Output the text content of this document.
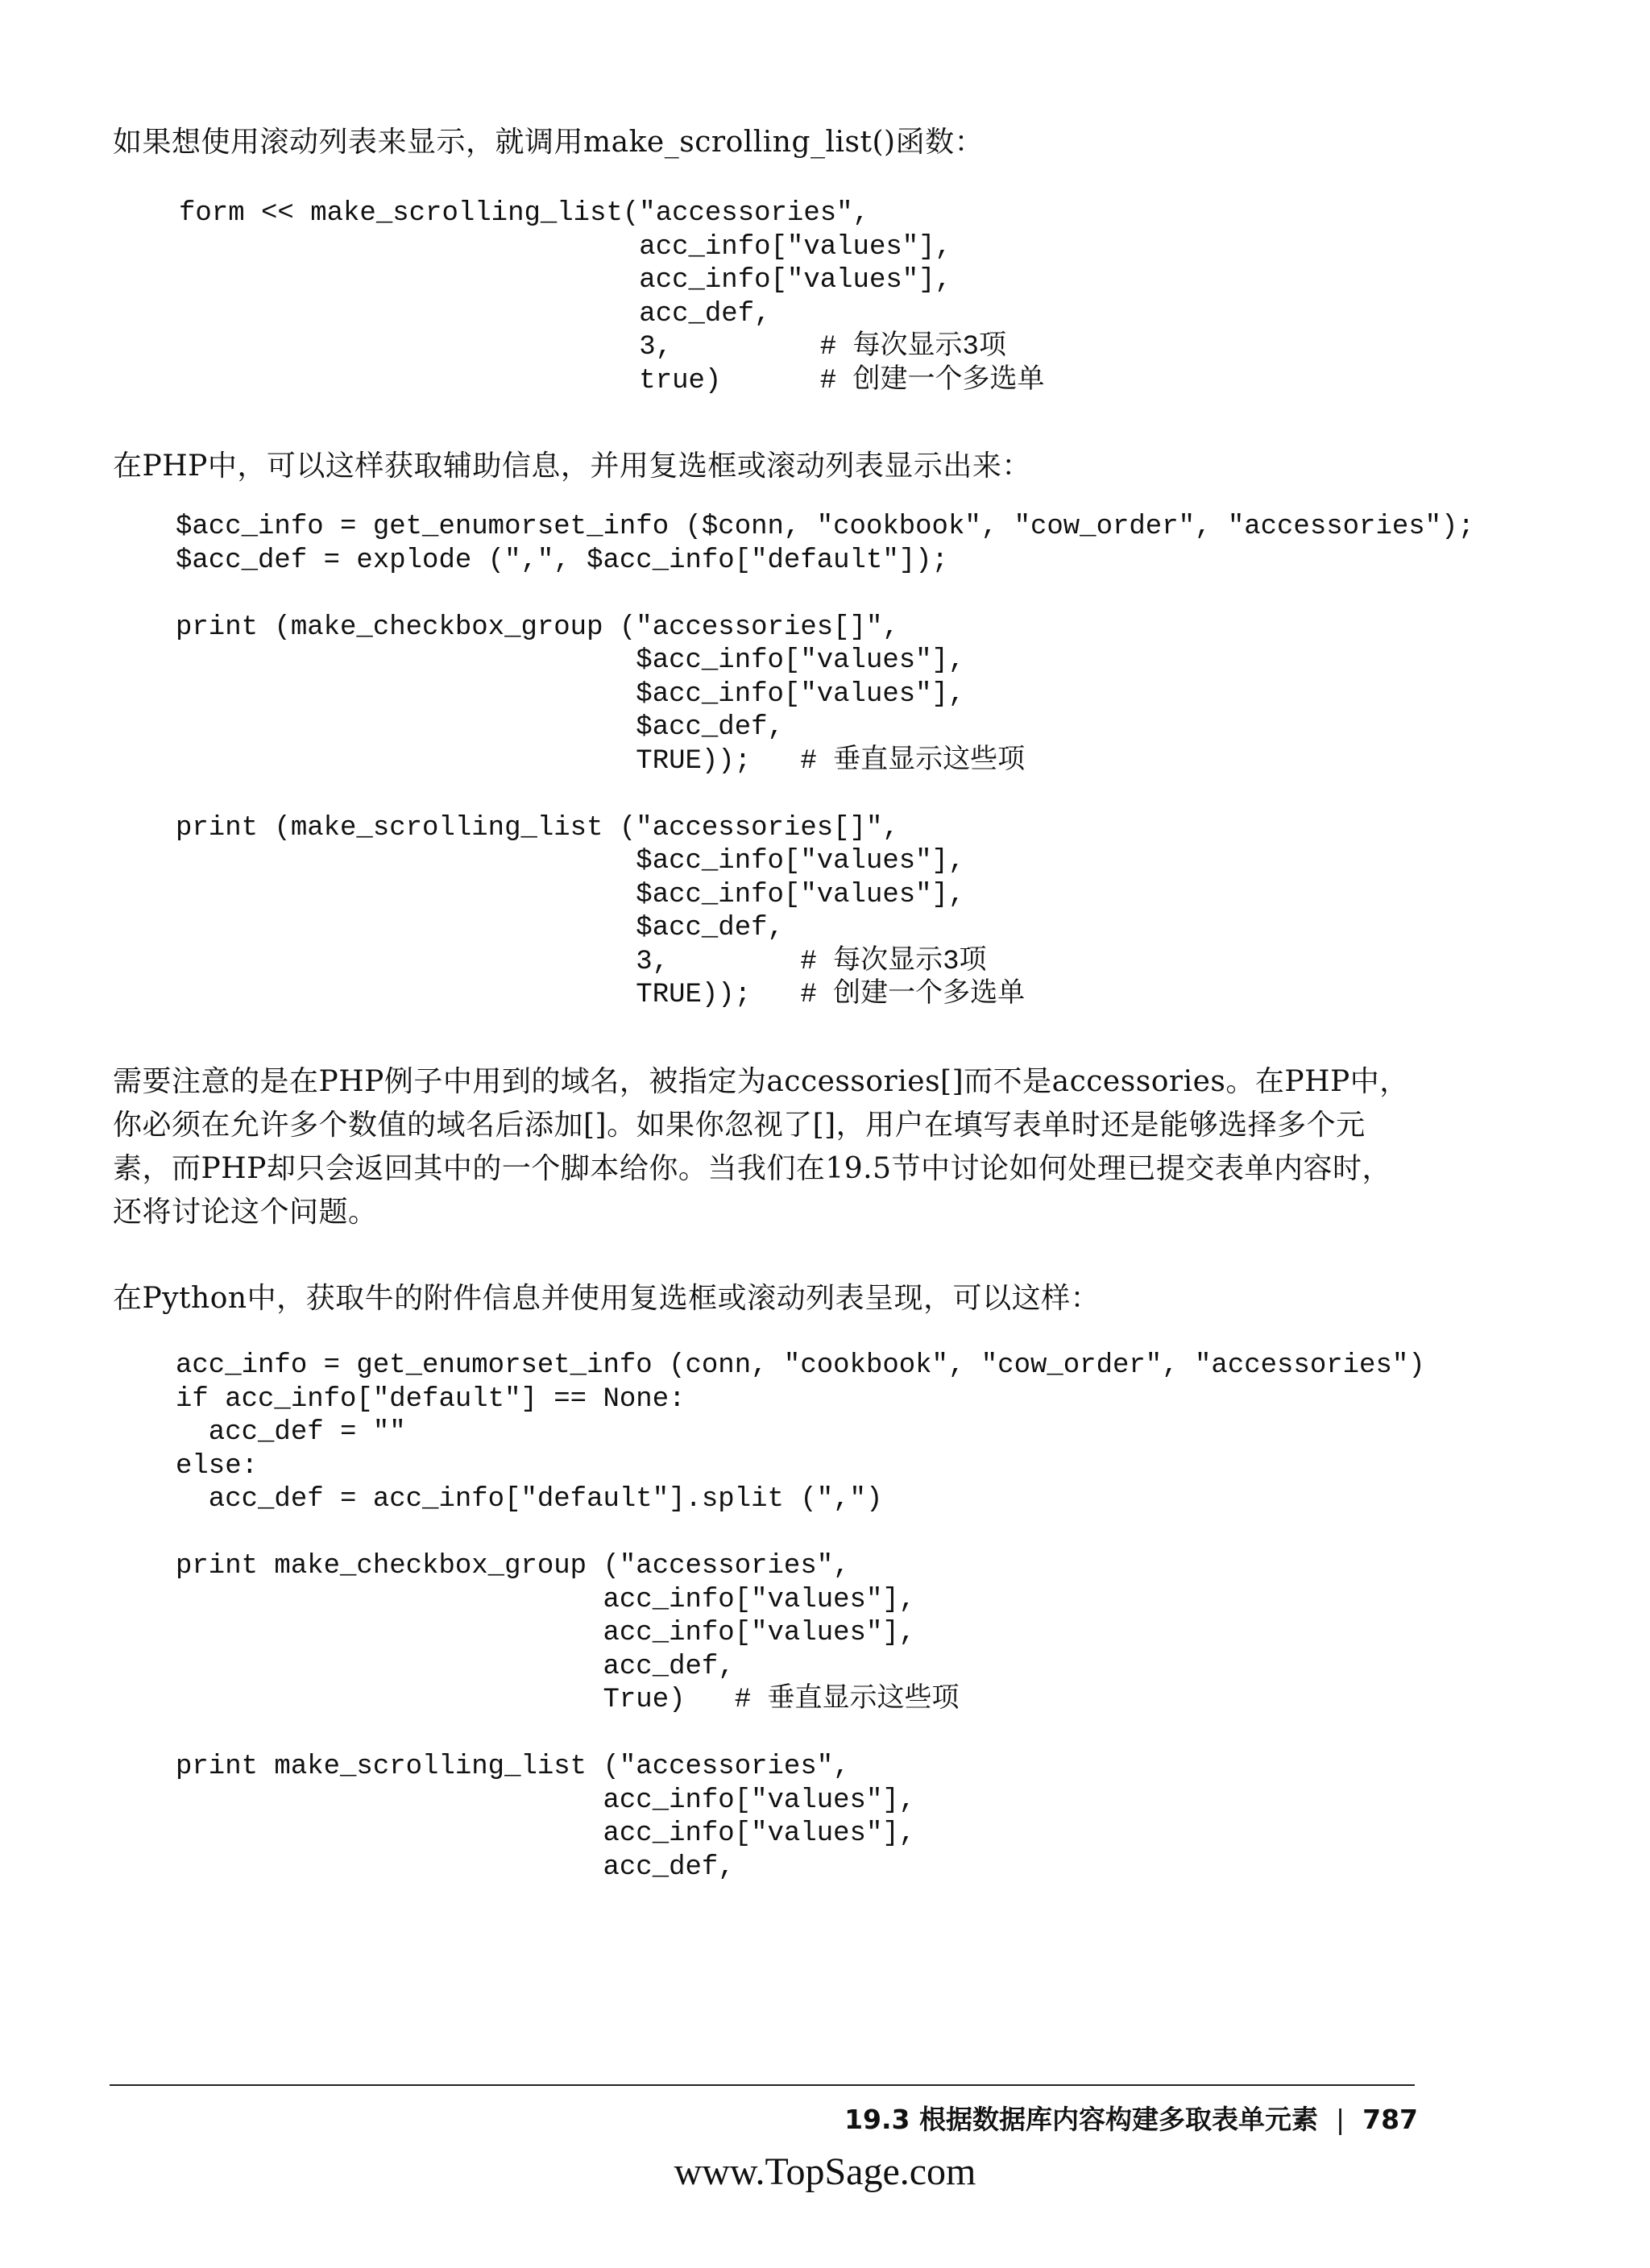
如果想使用滚动列表来显示，就调用make_scrolling_list()函数：
form << make_scrolling_list("accessories",
acc_info["values"],
acc_info["values"],
acc_def,
3,         # 每次显示3项
true)      # 创建一个多选单
在PHP中，可以这样获取辅助信息，并用复选框或滚动列表显示出来：
$acc_info = get_enumorset_info ($conn, "cookbook", "cow_order", "accessories");
$acc_def = explode (",", $acc_info["default"]);
print (make_checkbox_group ("accessories[]",
$acc_info["values"],
$acc_info["values"],
$acc_def,
TRUE));   # 垂直显示这些项
print (make_scrolling_list ("accessories[]",
$acc_info["values"],
$acc_info["values"],
$acc_def,
3,        # 每次显示3项
TRUE));   # 创建一个多选单
需要注意的是在PHP例子中用到的域名，被指定为accessories[]而不是accessories。在PHP中，你必须在允许多个数值的域名后添加[]。如果你忽视了[]，用户在填写表单时还是能够选择多个元素，而PHP却只会返回其中的一个脚本给你。当我们在19.5节中讨论如何处理已提交表单内容时，还将讨论这个问题。
在Python中，获取牛的附件信息并使用复选框或滚动列表呈现，可以这样：
acc_info = get_enumorset_info (conn, "cookbook", "cow_order", "accessories")
if acc_info["default"] == None:
acc_def = ""
else:
acc_def = acc_info["default"].split (",")
print make_checkbox_group ("accessories",
acc_info["values"],
acc_info["values"],
acc_def,
True)   # 垂直显示这些项
print make_scrolling_list ("accessories",
acc_info["values"],
acc_info["values"],
acc_def,
19.3 根据数据库内容构建多取表单元素 | 787
www.TopSage.com
